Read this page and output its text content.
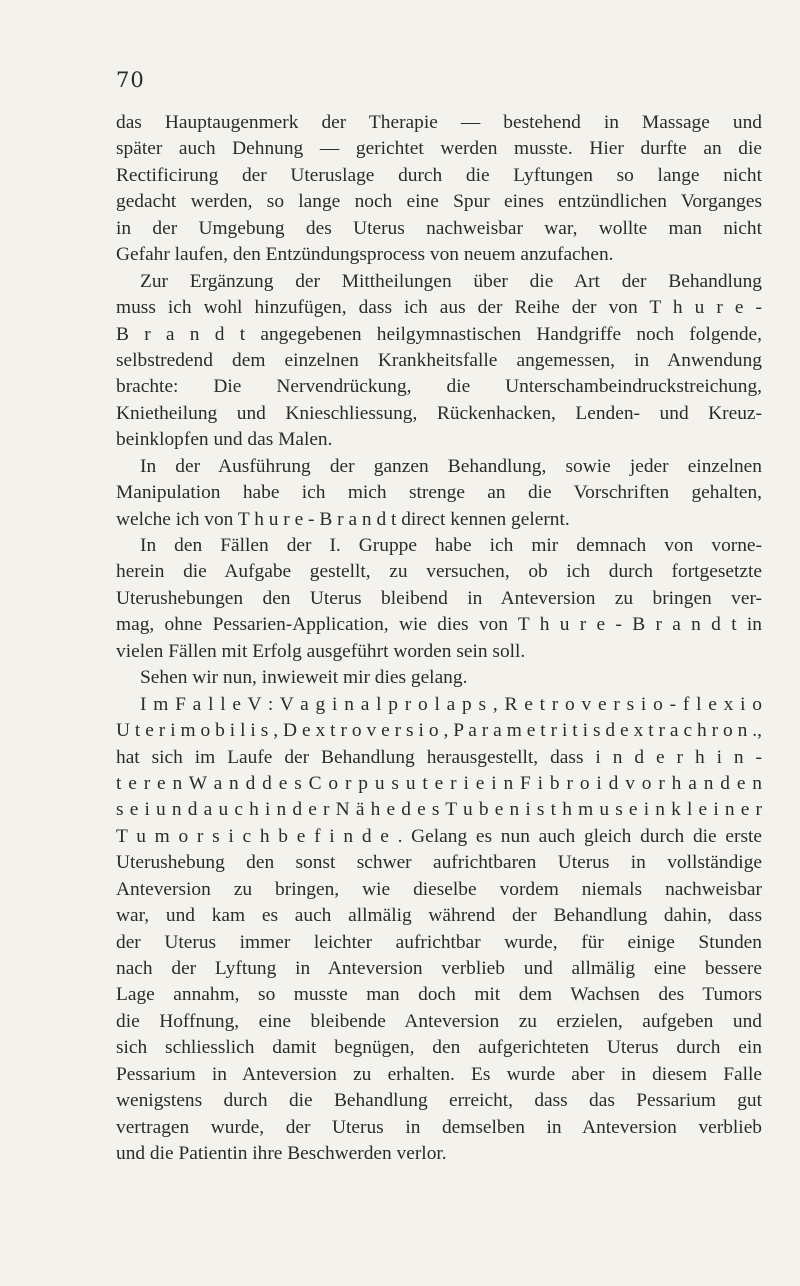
70
das Hauptaugenmerk der Therapie — bestehend in Massage und
später auch Dehnung — gerichtet werden musste. Hier durfte an die
Rectificirung der Uteruslage durch die Lyftungen so lange nicht
gedacht werden, so lange noch eine Spur eines entzündlichen Vorganges
in der Umgebung des Uterus nachweisbar war, wollte man nicht
Gefahr laufen, den Entzündungsprocess von neuem anzufachen.
Zur Ergänzung der Mittheilungen über die Art der Behandlung
muss ich wohl hinzufügen, dass ich aus der Reihe der von T h u r e -
B r a n d t angegebenen heilgymnastischen Handgriffe noch folgende,
selbstredend dem einzelnen Krankheitsfalle angemessen, in Anwendung
brachte: Die Nervendrückung, die Unterschambeindruckstreichung,
Knietheilung und Knieschliessung, Rückenhacken, Lenden- und Kreuz-
beinklopfen und das Malen.
In der Ausführung der ganzen Behandlung, sowie jeder einzelnen
Manipulation habe ich mich strenge an die Vorschriften gehalten,
welche ich von T h u r e - B r a n d t direct kennen gelernt.
In den Fällen der I. Gruppe habe ich mir demnach von vorne-
herein die Aufgabe gestellt, zu versuchen, ob ich durch fortgesetzte
Uterushebungen den Uterus bleibend in Anteversion zu bringen ver-
mag, ohne Pessarien-Application, wie dies von T h u r e - B r a n d t in
vielen Fällen mit Erfolg ausgeführt worden sein soll.
Sehen wir nun, inwieweit mir dies gelang.
I m F a l l e V : V a g i n a l p r o l a p s , R e t r o v e r s i o - f l e x i o
U t e r i m o b i l i s , D e x t r o v e r s i o , P a r a m e t r i t i s d e x t r a c h r o n .,
hat sich im Laufe der Behandlung herausgestellt, dass i n d e r h i n -
t e r e n W a n d d e s C o r p u s u t e r i e i n F i b r o i d v o r h a n d e n
s e i u n d a u c h i n d e r N ä h e d e s T u b e n i s t h m u s e i n k l e i n e r
T u m o r s i c h b e f i n d e . Gelang es nun auch gleich durch die erste
Uterushebung den sonst schwer aufrichtbaren Uterus in vollständige
Anteversion zu bringen, wie dieselbe vordem niemals nachweisbar
war, und kam es auch allmälig während der Behandlung dahin, dass
der Uterus immer leichter aufrichtbar wurde, für einige Stunden
nach der Lyftung in Anteversion verblieb und allmälig eine bessere
Lage annahm, so musste man doch mit dem Wachsen des Tumors
die Hoffnung, eine bleibende Anteversion zu erzielen, aufgeben und
sich schliesslich damit begnügen, den aufgerichteten Uterus durch ein
Pessarium in Anteversion zu erhalten. Es wurde aber in diesem Falle
wenigstens durch die Behandlung erreicht, dass das Pessarium gut
vertragen wurde, der Uterus in demselben in Anteversion verblieb
und die Patientin ihre Beschwerden verlor.
